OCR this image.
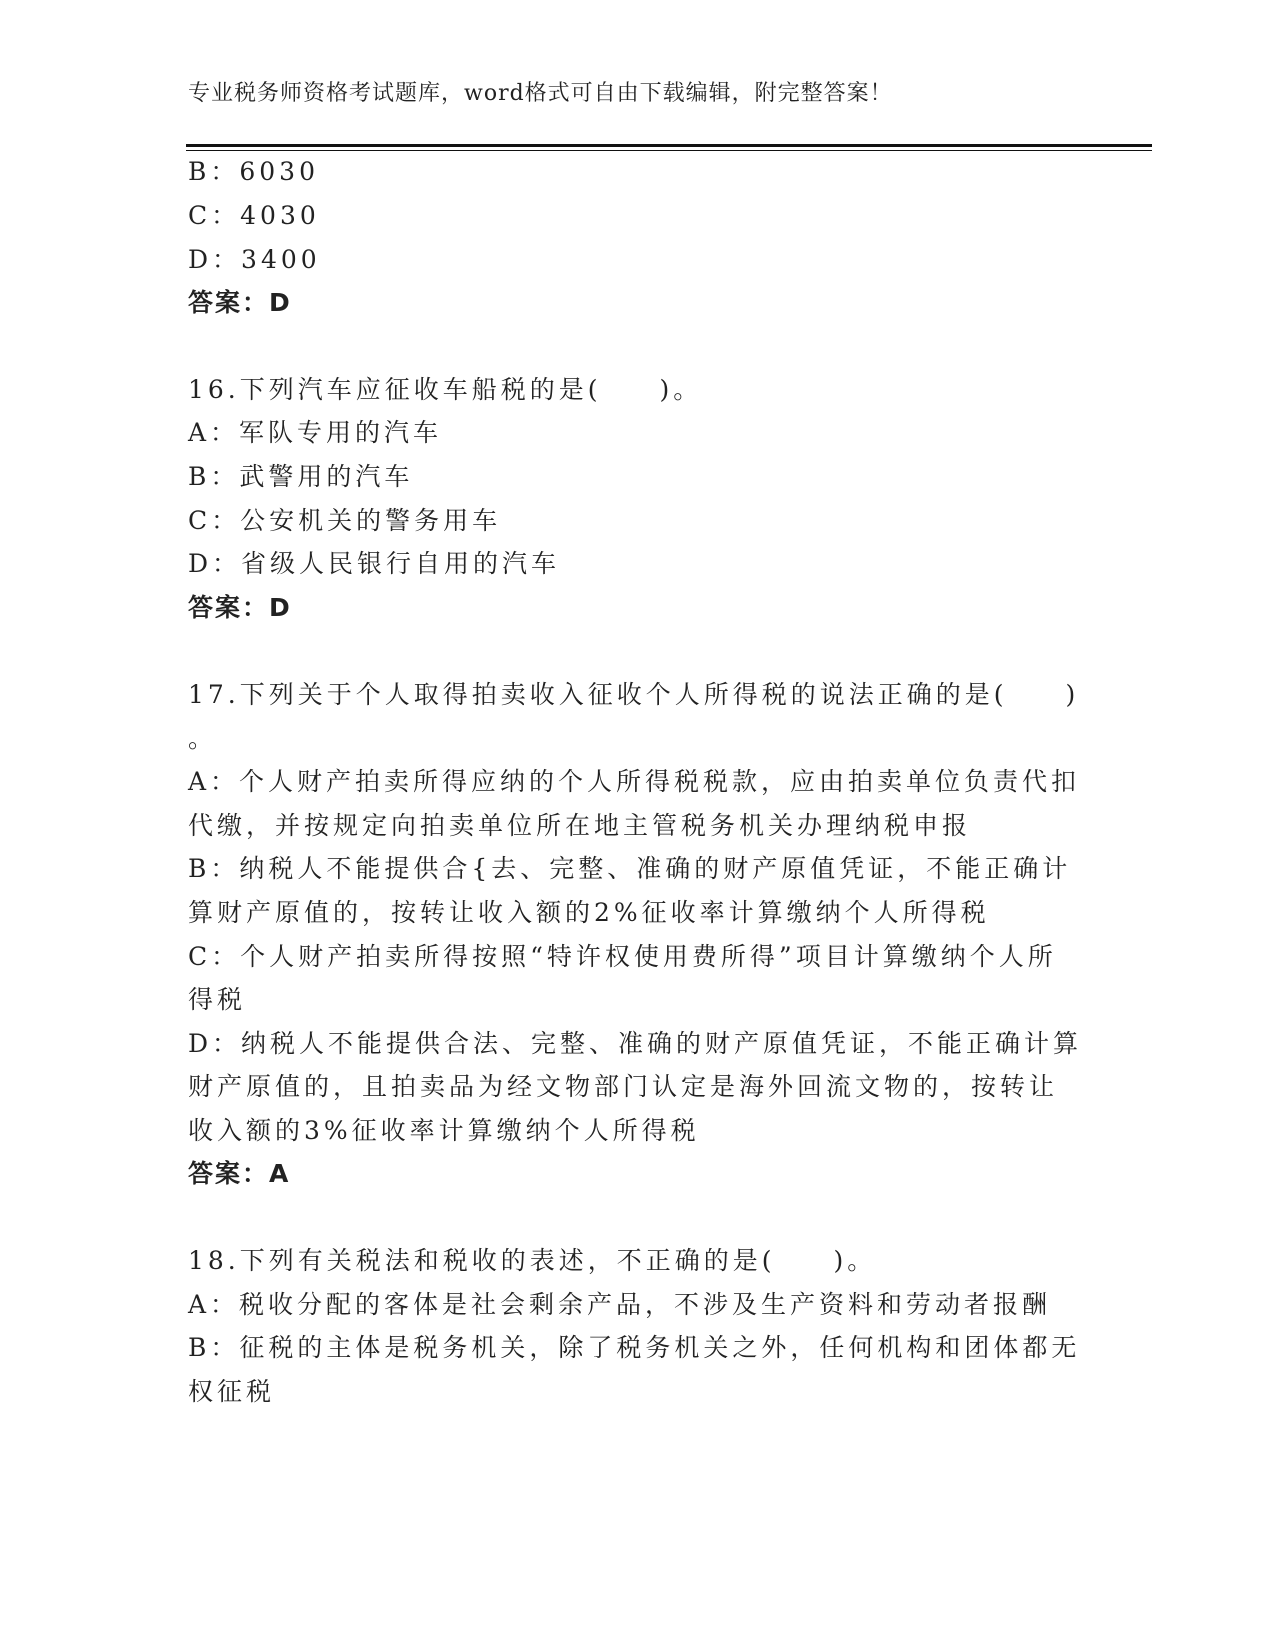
专业税务师资格考试题库，word格式可自由下载编辑，附完整答案！
B：6030
C：4030
D：3400
答案：D
16.下列汽车应征收车船税的是(　　)。
A：军队专用的汽车
B：武警用的汽车
C：公安机关的警务用车
D：省级人民银行自用的汽车
答案：D
17.下列关于个人取得拍卖收入征收个人所得税的说法正确的是(　　)
。
A：个人财产拍卖所得应纳的个人所得税税款，应由拍卖单位负责代扣
代缴，并按规定向拍卖单位所在地主管税务机关办理纳税申报
B：纳税人不能提供合{去、完整、准确的财产原值凭证，不能正确计
算财产原值的，按转让收入额的2%征收率计算缴纳个人所得税
C：个人财产拍卖所得按照“特许权使用费所得”项目计算缴纳个人所
得税
D：纳税人不能提供合法、完整、准确的财产原值凭证，不能正确计算
财产原值的，且拍卖品为经文物部门认定是海外回流文物的，按转让
收入额的3%征收率计算缴纳个人所得税
答案：A
18.下列有关税法和税收的表述，不正确的是(　　)。
A：税收分配的客体是社会剩余产品，不涉及生产资料和劳动者报酬
B：征税的主体是税务机关，除了税务机关之外，任何机构和团体都无
权征税
